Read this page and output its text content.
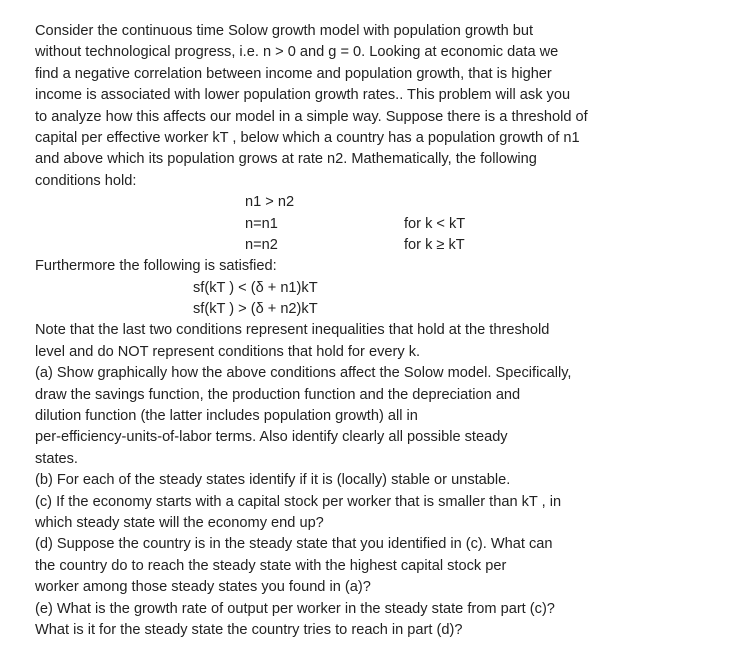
Consider the continuous time Solow growth model with population growth but
without technological progress, i.e. n > 0 and g = 0. Looking at economic data we
find a negative correlation between income and population growth, that is higher
income is associated with lower population growth rates.. This problem will ask you
to analyze how this affects our model in a simple way. Suppose there is a threshold of
capital per effective worker kT , below which a country has a population growth of n1
and above which its population grows at rate n2. Mathematically, the following
conditions hold:
n1 > n2
n=n1	for k < kT
n=n2	for k ≥ kT
Furthermore the following is satisfied:
sf(kT ) < (δ + n1)kT
sf(kT ) > (δ + n2)kT
Note that the last two conditions represent inequalities that hold at the threshold
level and do NOT represent conditions that hold for every k.
(a) Show graphically how the above conditions affect the Solow model. Specifically,
draw the savings function, the production function and the depreciation and
dilution function (the latter includes population growth) all in
per-efficiency-units-of-labor terms. Also identify clearly all possible steady
states.
(b) For each of the steady states identify if it is (locally) stable or unstable.
(c) If the economy starts with a capital stock per worker that is smaller than kT , in
which steady state will the economy end up?
(d) Suppose the country is in the steady state that you identified in (c). What can
the country do to reach the steady state with the highest capital stock per
worker among those steady states you found in (a)?
(e) What is the growth rate of output per worker in the steady state from part (c)?
What is it for the steady state the country tries to reach in part (d)?
